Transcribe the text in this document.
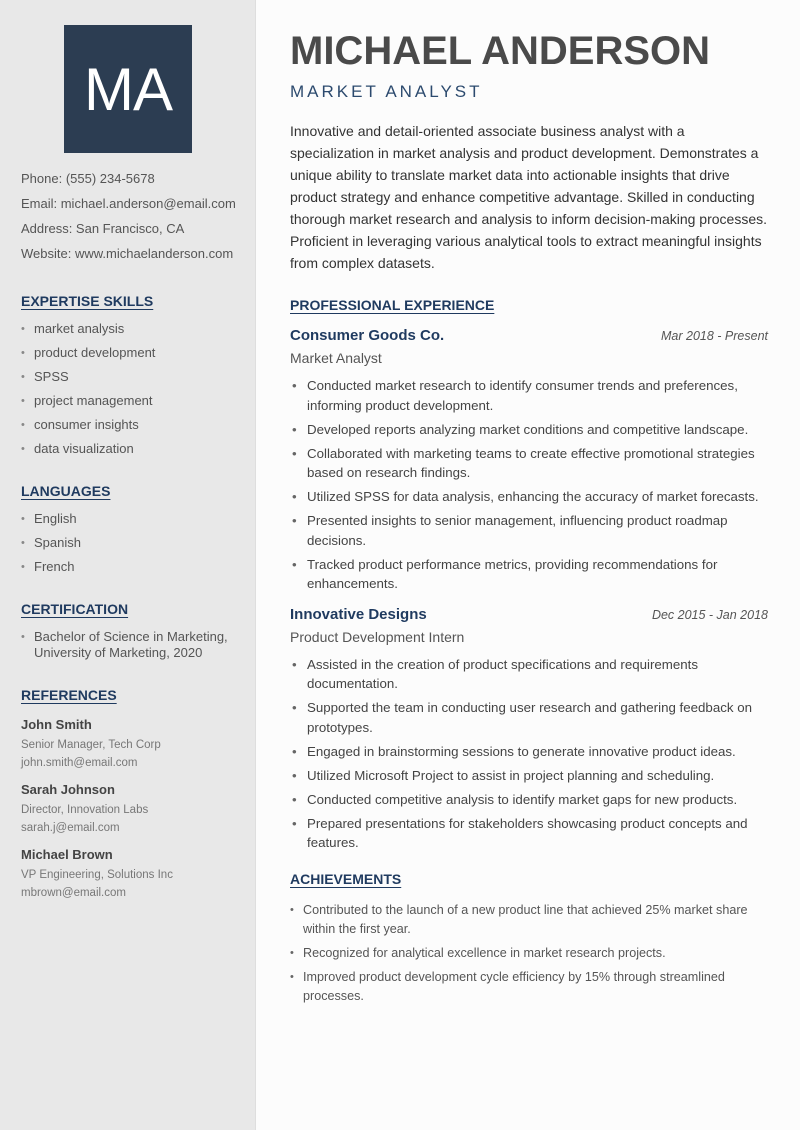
MA
Phone: (555) 234-5678
Email: michael.anderson@email.com
Address: San Francisco, CA
Website: www.michaelanderson.com
EXPERTISE SKILLS
• market analysis
• product development
• SPSS
• project management
• consumer insights
• data visualization
LANGUAGES
• English
• Spanish
• French
CERTIFICATION
• Bachelor of Science in Marketing, University of Marketing, 2020
REFERENCES
John Smith
Senior Manager, Tech Corp
john.smith@email.com
Sarah Johnson
Director, Innovation Labs
sarah.j@email.com
Michael Brown
VP Engineering, Solutions Inc
mbrown@email.com
MICHAEL ANDERSON
MARKET ANALYST
Innovative and detail-oriented associate business analyst with a specialization in market analysis and product development. Demonstrates a unique ability to translate market data into actionable insights that drive product strategy and enhance competitive advantage. Skilled in conducting thorough market research and analysis to inform decision-making processes. Proficient in leveraging various analytical tools to extract meaningful insights from complex datasets.
PROFESSIONAL EXPERIENCE
Consumer Goods Co.	Mar 2018 - Present
Market Analyst
• Conducted market research to identify consumer trends and preferences, informing product development.
• Developed reports analyzing market conditions and competitive landscape.
• Collaborated with marketing teams to create effective promotional strategies based on research findings.
• Utilized SPSS for data analysis, enhancing the accuracy of market forecasts.
• Presented insights to senior management, influencing product roadmap decisions.
• Tracked product performance metrics, providing recommendations for enhancements.
Innovative Designs	Dec 2015 - Jan 2018
Product Development Intern
• Assisted in the creation of product specifications and requirements documentation.
• Supported the team in conducting user research and gathering feedback on prototypes.
• Engaged in brainstorming sessions to generate innovative product ideas.
• Utilized Microsoft Project to assist in project planning and scheduling.
• Conducted competitive analysis to identify market gaps for new products.
• Prepared presentations for stakeholders showcasing product concepts and features.
ACHIEVEMENTS
• Contributed to the launch of a new product line that achieved 25% market share within the first year.
• Recognized for analytical excellence in market research projects.
• Improved product development cycle efficiency by 15% through streamlined processes.
